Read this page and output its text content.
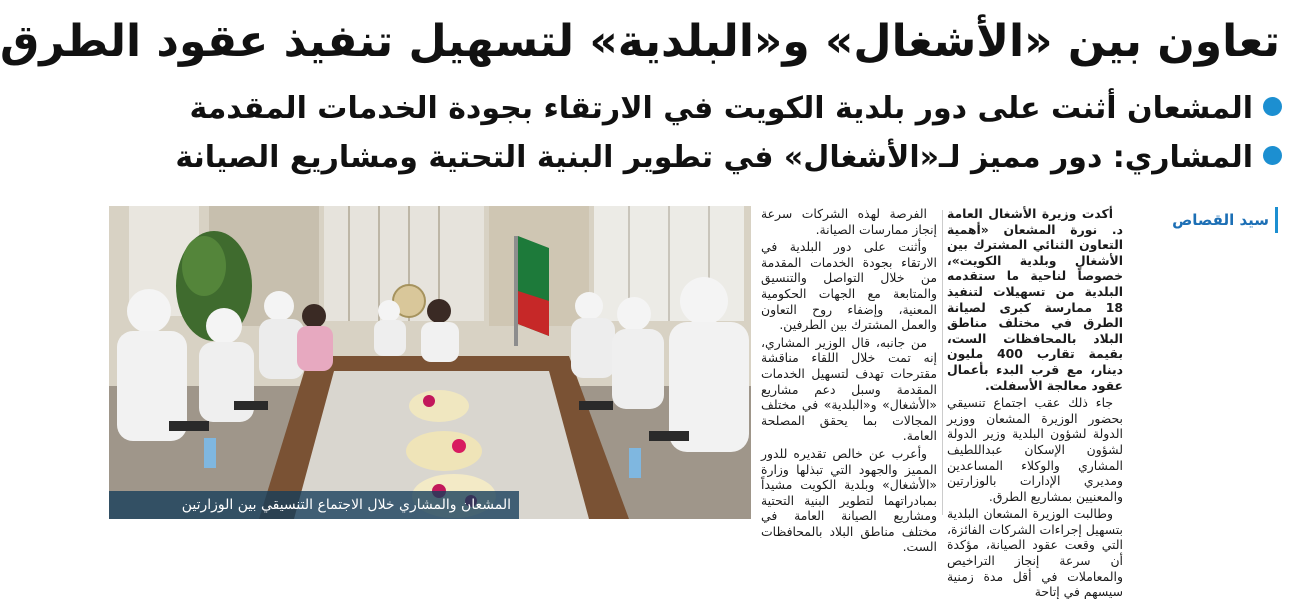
تعاون بين «الأشغال» و«البلدية» لتسهيل تنفيذ عقود الطرق
المشعان أثنت على دور بلدية الكويت في الارتقاء بجودة الخدمات المقدمة
المشاري: دور مميز لـ«الأشغال» في تطوير البنية التحتية ومشاريع الصيانة
المشعان والمشاري خلال الاجتماع التنسيقي بين الوزارتين

الفرصة لهذه الشركات سرعة إنجاز ممارسات الصيانة.

وأثنت على دور البلدية في الارتقاء بجودة الخدمات المقدمة من خلال التواصل والتنسيق والمتابعة مع الجهات الحكومية المعنية، وإضفاء روح التعاون والعمل المشترك بين الطرفين.

من جانبه، قال الوزير المشاري، إنه تمت خلال اللقاء مناقشة مقترحات تهدف لتسهيل الخدمات المقدمة وسبل دعم مشاريع «الأشغال» و«البلدية» في مختلف المجالات بما يحقق المصلحة العامة.

وأعرب عن خالص تقديره للدور المميز والجهود التي تبذلها وزارة «الأشغال» وبلدية الكويت مشيداً بمبادراتهما لتطوير البنية التحتية ومشاريع الصيانة العامة في مختلف مناطق البلاد بالمحافظات الست.

أكدت وزيرة الأشغال العامة د. نورة المشعان «أهمية التعاون الثنائي المشترك بين الأشغال وبلدية الكويت»، خصوصاً لناحية ما ستقدمه البلدية من تسهيلات لتنفيذ 18 ممارسة كبرى لصيانة الطرق في مختلف مناطق البلاد بالمحافظات الست، بقيمة تقارب 400 مليون دينار، مع قرب البدء بأعمال عقود معالجة الأسفلت.

جاء ذلك عقب اجتماع تنسيقي بحضور الوزيرة المشعان ووزير الدولة لشؤون البلدية وزير الدولة لشؤون الإسكان عبداللطيف المشاري والوكلاء المساعدين ومديري الإدارات بالوزارتين والمعنيين بمشاريع الطرق.

وطالبت الوزيرة المشعان البلدية بتسهيل إجراءات الشركات الفائزة، التي وقعت عقود الصيانة، مؤكدة أن سرعة إنجاز التراخيص والمعاملات في أقل مدة زمنية سيسهم في إتاحة

سيد القصاص
